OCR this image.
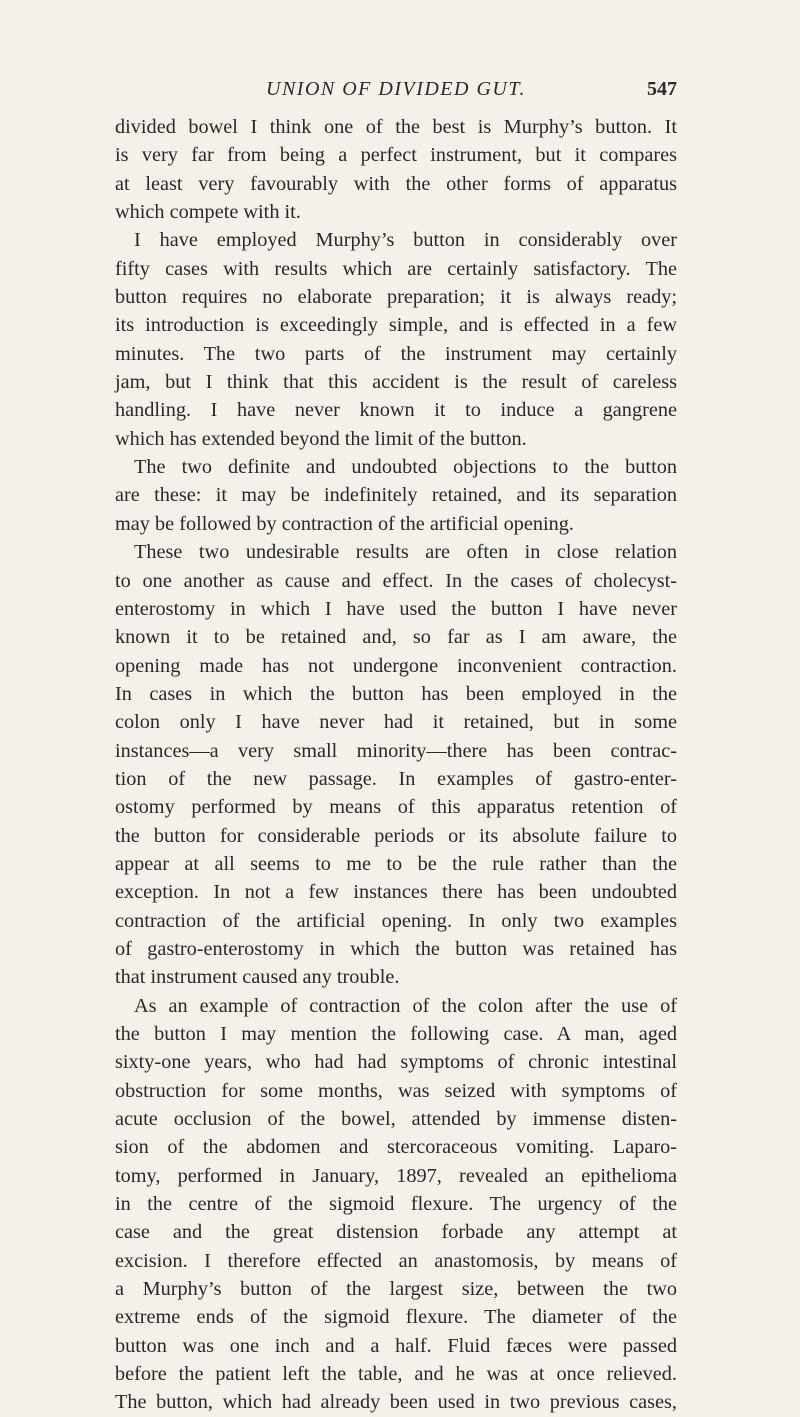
UNION OF DIVIDED GUT.	547
divided bowel I think one of the best is Murphy’s button. It
is very far from being a perfect instrument, but it compares
at least very favourably with the other forms of apparatus
which compete with it.
I have employed Murphy’s button in considerably over
fifty cases with results which are certainly satisfactory. The
button requires no elaborate preparation; it is always ready;
its introduction is exceedingly simple, and is effected in a few
minutes. The two parts of the instrument may certainly
jam, but I think that this accident is the result of careless
handling. I have never known it to induce a gangrene
which has extended beyond the limit of the button.
The two definite and undoubted objections to the button
are these: it may be indefinitely retained, and its separation
may be followed by contraction of the artificial opening.
These two undesirable results are often in close relation
to one another as cause and effect. In the cases of cholecyst-
enterostomy in which I have used the button I have never
known it to be retained and, so far as I am aware, the
opening made has not undergone inconvenient contraction.
In cases in which the button has been employed in the
colon only I have never had it retained, but in some
instances—a very small minority—there has been contrac-
tion of the new passage. In examples of gastro-enter-
ostomy performed by means of this apparatus retention of
the button for considerable periods or its absolute failure to
appear at all seems to me to be the rule rather than the
exception. In not a few instances there has been undoubted
contraction of the artificial opening. In only two examples
of gastro-enterostomy in which the button was retained has
that instrument caused any trouble.
As an example of contraction of the colon after the use of
the button I may mention the following case. A man, aged
sixty-one years, who had had symptoms of chronic intestinal
obstruction for some months, was seized with symptoms of
acute occlusion of the bowel, attended by immense disten-
sion of the abdomen and stercoraceous vomiting. Laparo-
tomy, performed in January, 1897, revealed an epithelioma
in the centre of the sigmoid flexure. The urgency of the
case and the great distension forbade any attempt at
excision. I therefore effected an anastomosis, by means of
a Murphy’s button of the largest size, between the two
extreme ends of the sigmoid flexure. The diameter of the
button was one inch and a half. Fluid fæces were passed
before the patient left the table, and he was at once relieved.
The button, which had already been used in two previous cases,
